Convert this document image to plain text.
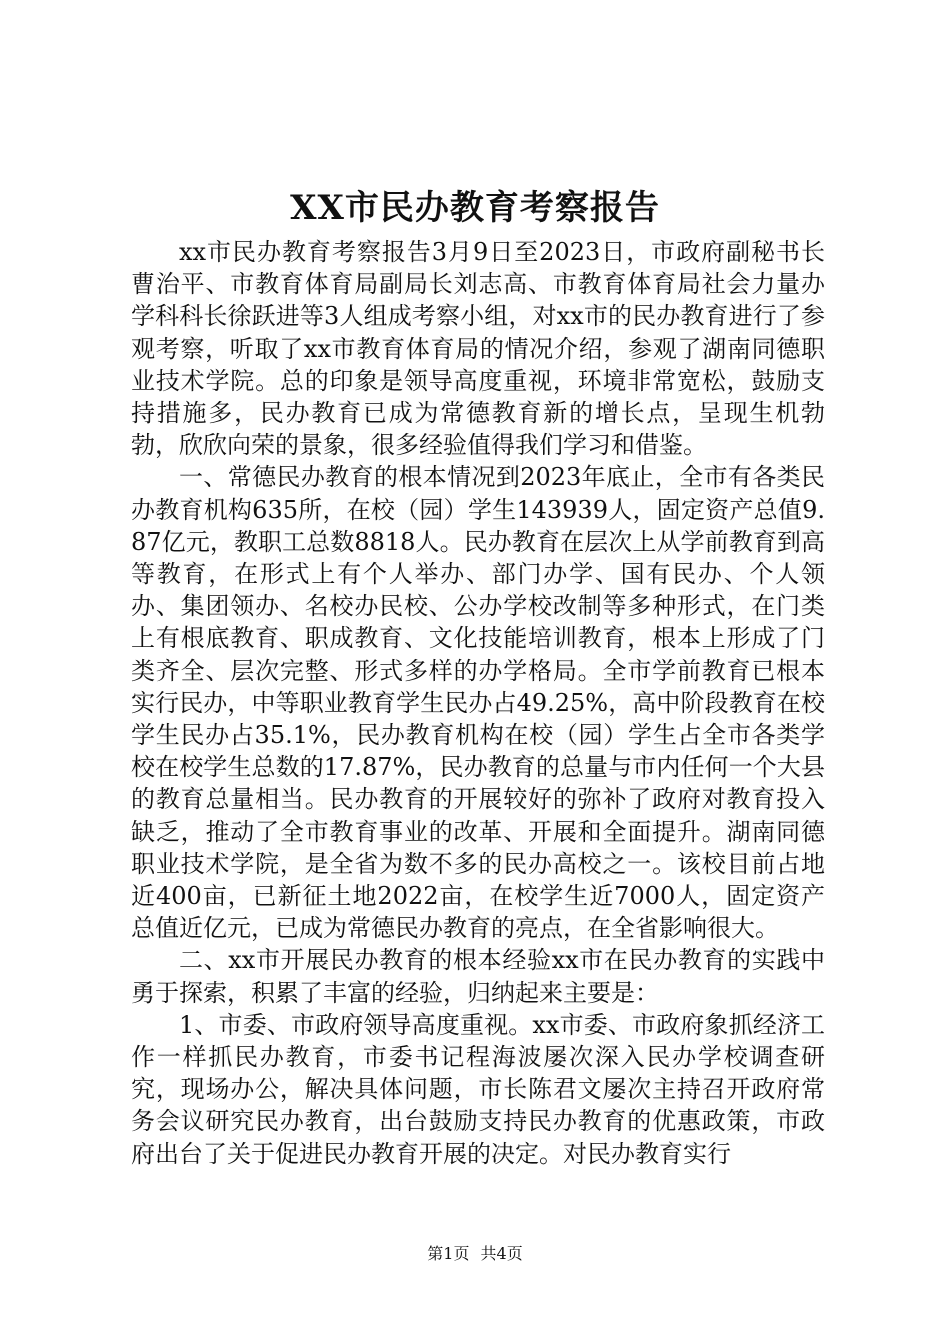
XX市民办教育考察报告

xx市民办教育考察报告3月9日至2023日，市政府副秘书长曹治平、市教育体育局副局长刘志高、市教育体育局社会力量办学科科长徐跃进等3人组成考察小组，对xx市的民办教育进行了参观考察，听取了xx市教育体育局的情况介绍，参观了湖南同德职业技术学院。总的印象是领导高度重视，环境非常宽松，鼓励支持措施多，民办教育已成为常德教育新的增长点，呈现生机勃勃，欣欣向荣的景象，很多经验值得我们学习和借鉴。

一、常德民办教育的根本情况到2023年底止，全市有各类民办教育机构635所，在校（园）学生143939人，固定资产总值9.87亿元，教职工总数8818人。民办教育在层次上从学前教育到高等教育，在形式上有个人举办、部门办学、国有民办、个人领办、集团领办、名校办民校、公办学校改制等多种形式，在门类上有根底教育、职成教育、文化技能培训教育，根本上形成了门类齐全、层次完整、形式多样的办学格局。全市学前教育已根本实行民办，中等职业教育学生民办占49.25%，高中阶段教育在校学生民办占35.1%，民办教育机构在校（园）学生占全市各类学校在校学生总数的17.87%，民办教育的总量与市内任何一个大县的教育总量相当。民办教育的开展较好的弥补了政府对教育投入缺乏，推动了全市教育事业的改革、开展和全面提升。湖南同德职业技术学院，是全省为数不多的民办高校之一。该校目前占地近400亩，已新征土地2022亩，在校学生近7000人，固定资产总值近亿元，已成为常德民办教育的亮点，在全省影响很大。

二、xx市开展民办教育的根本经验xx市在民办教育的实践中勇于探索，积累了丰富的经验，归纳起来主要是：

1、市委、市政府领导高度重视。xx市委、市政府象抓经济工作一样抓民办教育，市委书记程海波屡次深入民办学校调查研究，现场办公，解决具体问题，市长陈君文屡次主持召开政府常务会议研究民办教育，出台鼓励支持民办教育的优惠政策，市政府出台了关于促进民办教育开展的决定。对民办教育实行

第1页 共4页
